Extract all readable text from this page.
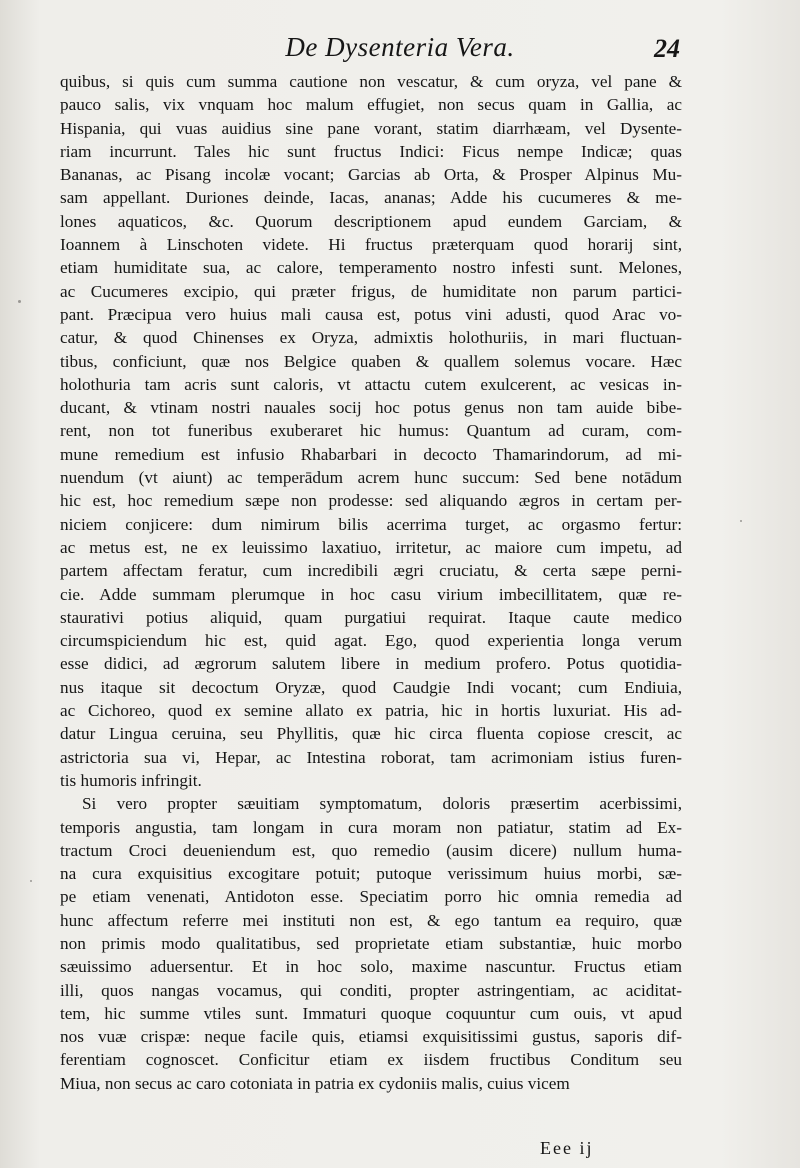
De Dysenteria Vera.	24
quibus, si quis cum summa cautione non vescatur, & cum oryza, vel pane &
pauco salis, vix vnquam hoc malum effugiet, non secus quam in Gallia, ac
Hispania, qui vuas auidius sine pane vorant, statim diarrhæam, vel Dysente-
riam incurrunt. Tales hic sunt fructus Indici: Ficus nempe Indicæ; quas
Bananas, ac Pisang incolæ vocant; Garcias ab Orta, & Prosper Alpinus Mu-
sam appellant. Duriones deinde, Iacas, ananas; Adde his cucumeres & me-
lones aquaticos, &c. Quorum descriptionem apud eundem Garciam, &
Ioannem à Linschoten videte. Hi fructus præterquam quod horarij sint,
etiam humiditate sua, ac calore, temperamento nostro infesti sunt. Melones,
ac Cucumeres excipio, qui præter frigus, de humiditate non parum partici-
pant. Præcipua vero huius mali causa est, potus vini adusti, quod Arac vo-
catur, & quod Chinenses ex Oryza, admixtis holothuriis, in mari fluctuan-
tibus, conficiunt, quæ nos Belgice quaben & quallem solemus vocare. Hæc
holothuria tam acris sunt caloris, vt attactu cutem exulcerent, ac vesicas in-
ducant, & vtinam nostri nauales socij hoc potus genus non tam auide bibe-
rent, non tot funeribus exuberaret hic humus: Quantum ad curam, com-
mune remedium est infusio Rhabarbari in decocto Thamarindorum, ad mi-
nuendum (vt aiunt) ac temperādum acrem hunc succum: Sed bene notādum
hic est, hoc remedium sæpe non prodesse: sed aliquando ægros in certam per-
niciem conjicere: dum nimirum bilis acerrima turget, ac orgasmo fertur:
ac metus est, ne ex leuissimo laxatiuo, irritetur, ac maiore cum impetu, ad
partem affectam feratur, cum incredibili ægri cruciatu, & certa sæpe perni-
cie. Adde summam plerumque in hoc casu virium imbecillitatem, quæ re-
staurativi potius aliquid, quam purgatiui requirat. Itaque caute medico
circumspiciendum hic est, quid agat. Ego, quod experientia longa verum
esse didici, ad ægrorum salutem libere in medium profero. Potus quotidia-
nus itaque sit decoctum Oryzæ, quod Caudgie Indi vocant; cum Endiuia,
ac Cichoreo, quod ex semine allato ex patria, hic in hortis luxuriat. His ad-
datur Lingua ceruina, seu Phyllitis, quæ hic circa fluenta copiose crescit, ac
astrictoria sua vi, Hepar, ac Intestina roborat, tam acrimoniam istius furen-
tis humoris infringit.
Si vero propter sæuitiam symptomatum, doloris præsertim acerbissimi,
temporis angustia, tam longam in cura moram non patiatur, statim ad Ex-
tractum Croci deueniendum est, quo remedio (ausim dicere) nullum huma-
na cura exquisitius excogitare potuit; putoque verissimum huius morbi, sæ-
pe etiam venenati, Antidoton esse. Speciatim porro hic omnia remedia ad
hunc affectum referre mei instituti non est, & ego tantum ea requiro, quæ
non primis modo qualitatibus, sed proprietate etiam substantiæ, huic morbo
sæuissimo aduersentur. Et in hoc solo, maxime nascuntur. Fructus etiam
illi, quos nangas vocamus, qui conditi, propter astringentiam, ac aciditat-
tem, hic summe vtiles sunt. Immaturi quoque coquuntur cum ouis, vt apud
nos vuæ crispæ: neque facile quis, etiamsi exquisitissimi gustus, saporis dif-
ferentiam cognoscet. Conficitur etiam ex iisdem fructibus Conditum seu
Miua, non secus ac caro cotoniata in patria ex cydoniis malis, cuius vicem
Eee ij
